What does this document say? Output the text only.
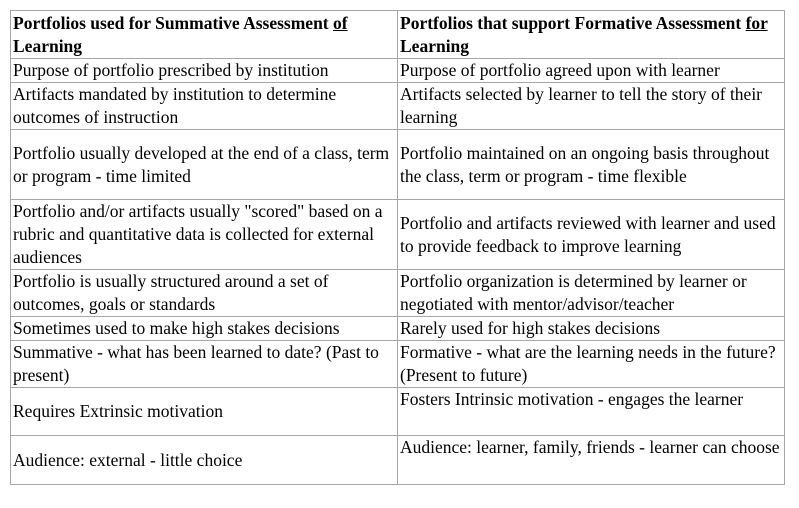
Portfolios used for Summative Assessment of Learning	Portfolios that support Formative Assessment for Learning
Purpose of portfolio prescribed by institution	Purpose of portfolio agreed upon with learner
Artifacts mandated by institution to determine outcomes of instruction	Artifacts selected by learner to tell the story of their learning
Portfolio usually developed at the end of a class, term or program - time limited	Portfolio maintained on an ongoing basis throughout the class, term or program - time flexible
Portfolio and/or artifacts usually "scored" based on a rubric and quantitative data is collected for external audiences	Portfolio and artifacts reviewed with learner and used to provide feedback to improve learning
Portfolio is usually structured around a set of outcomes, goals or standards	Portfolio organization is determined by learner or negotiated with mentor/advisor/teacher
Sometimes used to make high stakes decisions	Rarely used for high stakes decisions
Summative - what has been learned to date? (Past to present)	Formative - what are the learning needs in the future? (Present to future)
Requires Extrinsic motivation	Fosters Intrinsic motivation - engages the learner
Audience: external - little choice	Audience: learner, family, friends - learner can choose
